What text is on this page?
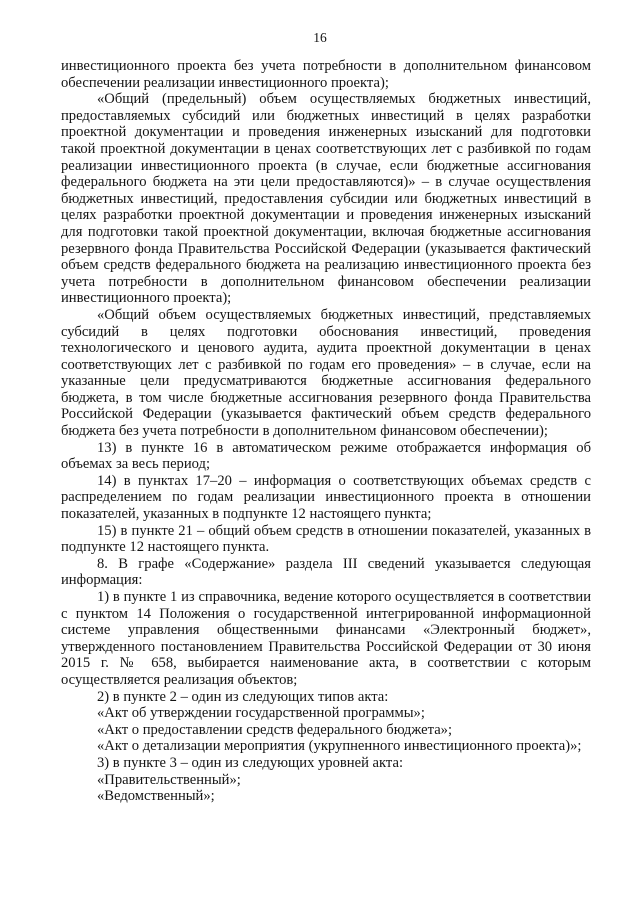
16

инвестиционного проекта без учета потребности в дополнительном финансовом обеспечении реализации инвестиционного проекта);

«Общий (предельный) объем осуществляемых бюджетных инвестиций, предоставляемых субсидий или бюджетных инвестиций в целях разработки проектной документации и проведения инженерных изысканий для подготовки такой проектной документации в ценах соответствующих лет с разбивкой по годам реализации инвестиционного проекта (в случае, если бюджетные ассигнования федерального бюджета на эти цели предоставляются)» – в случае осуществления бюджетных инвестиций, предоставления субсидии или бюджетных инвестиций в целях разработки проектной документации и проведения инженерных изысканий для подготовки такой проектной документации, включая бюджетные ассигнования резервного фонда Правительства Российской Федерации (указывается фактический объем средств федерального бюджета на реализацию инвестиционного проекта без учета потребности в дополнительном финансовом обеспечении реализации инвестиционного проекта);

«Общий объем осуществляемых бюджетных инвестиций, представляемых субсидий в целях подготовки обоснования инвестиций, проведения технологического и ценового аудита, аудита проектной документации в ценах соответствующих лет с разбивкой по годам его проведения» – в случае, если на указанные цели предусматриваются бюджетные ассигнования федерального бюджета, в том числе бюджетные ассигнования резервного фонда Правительства Российской Федерации (указывается фактический объем средств федерального бюджета без учета потребности в дополнительном финансовом обеспечении);

13) в пункте 16 в автоматическом режиме отображается информация об объемах за весь период;

14) в пунктах 17–20 – информация о соответствующих объемах средств с распределением по годам реализации инвестиционного проекта в отношении показателей, указанных в подпункте 12 настоящего пункта;

15) в пункте 21 – общий объем средств в отношении показателей, указанных в подпункте 12 настоящего пункта.

8. В графе «Содержание» раздела III сведений указывается следующая информация:

1) в пункте 1 из справочника, ведение которого осуществляется в соответствии с пунктом 14 Положения о государственной интегрированной информационной системе управления общественными финансами «Электронный бюджет», утвержденного постановлением Правительства Российской Федерации от 30 июня 2015 г. № 658, выбирается наименование акта, в соответствии с которым осуществляется реализация объектов;

2) в пункте 2 – один из следующих типов акта:

«Акт об утверждении государственной программы»;

«Акт о предоставлении средств федерального бюджета»;

«Акт о детализации мероприятия (укрупненного инвестиционного проекта)»;

3) в пункте 3 – один из следующих уровней акта:

«Правительственный»;

«Ведомственный»;
